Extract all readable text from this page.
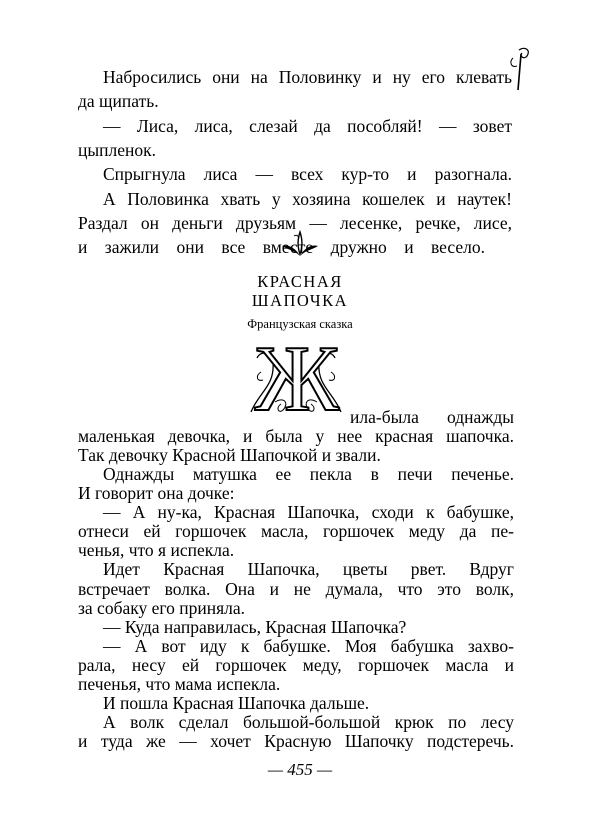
Набросились они на Половинку и ну его клевать
да щипать.
— Лиса, лиса, слезай да пособляй! — зовет
цыпленок.
Спрыгнула лиса — всех кур-то и разогнала.
А Половинка хвать у хозяина кошелек и наутек!
Раздал он деньги друзьям — лесенке, речке, лисе,
и зажили они все вместе дружно и весело.
КРАСНАЯ
ШАПОЧКА
Французская сказка
Ж ила-была однажды
маленькая девочка, и была у нее красная шапочка.
Так девочку Красной Шапочкой и звали.
Однажды матушка ее пекла в печи печенье.
И говорит она дочке:
— А ну-ка, Красная Шапочка, сходи к бабушке,
отнеси ей горшочек масла, горшочек меду да пе-
ченья, что я испекла.
Идет Красная Шапочка, цветы рвет. Вдруг
встречает волка. Она и не думала, что это волк,
за собаку его приняла.
— Куда направилась, Красная Шапочка?
— А вот иду к бабушке. Моя бабушка захво-
рала, несу ей горшочек меду, горшочек масла и
печенья, что мама испекла.
И пошла Красная Шапочка дальше.
А волк сделал большой-большой крюк по лесу
и туда же — хочет Красную Шапочку подстеречь.
— 455 —
